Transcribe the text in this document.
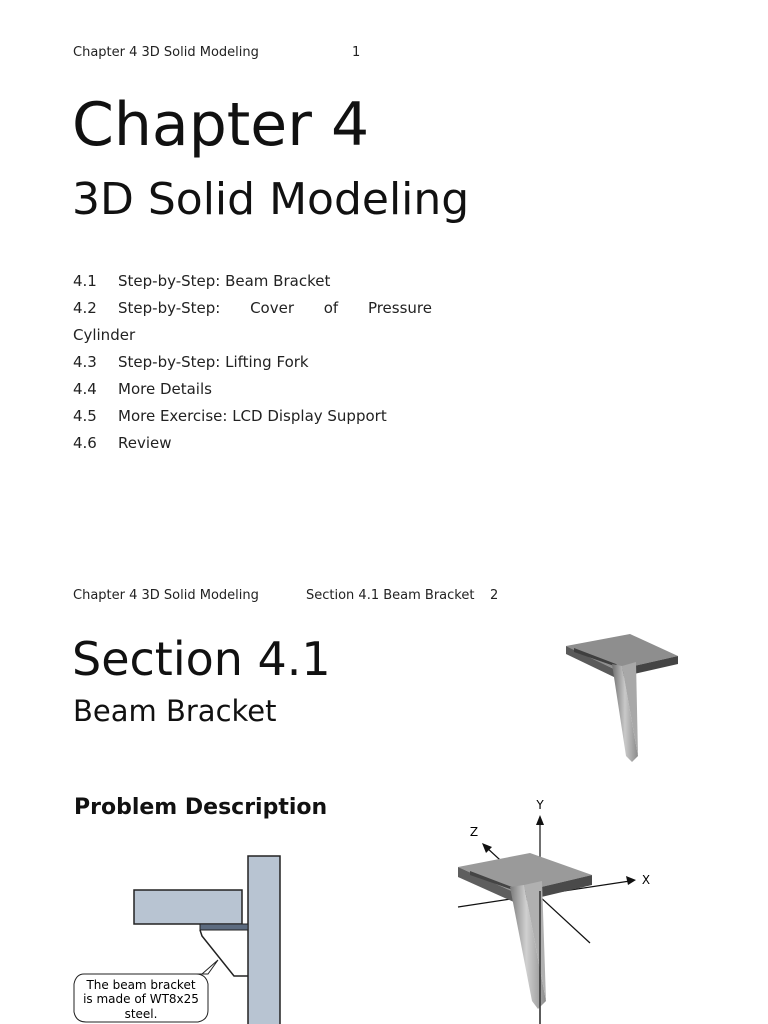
Chapter 4 3D Solid Modeling	1
Chapter 4
3D Solid Modeling
4.1 Step-by-Step: Beam Bracket
4.2	Step-by-Step: Cover of Pressure
Cylinder
4.3 Step-by-Step: Lifting Fork
4.4 More Details
4.5 More Exercise: LCD Display Support
4.6 Review
Chapter 4 3D Solid Modeling	Section 4.1 Beam Bracket 2
Section 4.1
Beam Bracket
Problem Description
The beam bracket
is made of WT8x25
steel.
Y
Z
X
